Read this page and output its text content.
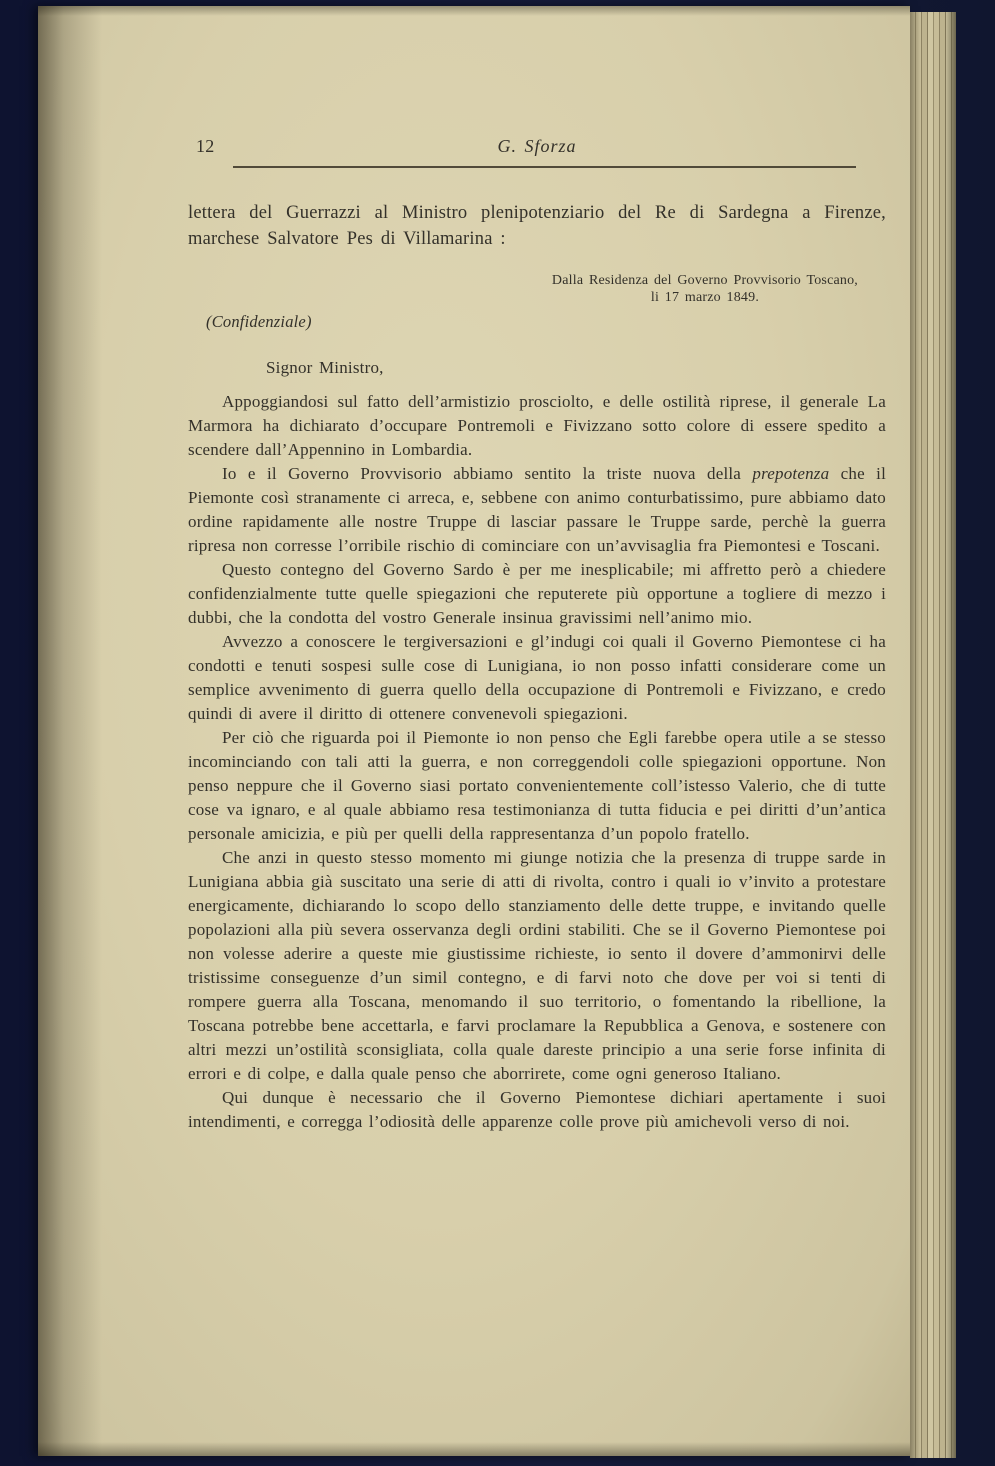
12	G. Sforza
lettera del Guerrazzi al Ministro plenipotenziario del Re di Sardegna a Firenze, marchese Salvatore Pes di Villamarina :
Dalla Residenza del Governo Provvisorio Toscano,
li 17 marzo 1849.
(Confidenziale)
Signor Ministro,

Appoggiandosi sul fatto dell’armistizio prosciolto, e delle ostilità riprese, il generale La Marmora ha dichiarato d’occupare Pontremoli e Fivizzano sotto colore di essere spedito a scendere dall’Appennino in Lombardia.

Io e il Governo Provvisorio abbiamo sentito la triste nuova della prepotenza che il Piemonte così stranamente ci arreca, e, sebbene con animo conturbatissimo, pure abbiamo dato ordine rapidamente alle nostre Truppe di lasciar passare le Truppe sarde, perchè la guerra ripresa non corresse l’orribile rischio di cominciare con un’avvisaglia fra Piemontesi e Toscani.

Questo contegno del Governo Sardo è per me inesplicabile; mi affretto però a chiedere confidenzialmente tutte quelle spiegazioni che reputerete più opportune a togliere di mezzo i dubbi, che la condotta del vostro Generale insinua gravissimi nell’animo mio.

Avvezzo a conoscere le tergiversazioni e gl’indugi coi quali il Governo Piemontese ci ha condotti e tenuti sospesi sulle cose di Lunigiana, io non posso infatti considerare come un semplice avvenimento di guerra quello della occupazione di Pontremoli e Fivizzano, e credo quindi di avere il diritto di ottenere convenevoli spiegazioni.

Per ciò che riguarda poi il Piemonte io non penso che Egli farebbe opera utile a se stesso incominciando con tali atti la guerra, e non correggendoli colle spiegazioni opportune. Non penso neppure che il Governo siasi portato convenientemente coll’istesso Valerio, che di tutte cose va ignaro, e al quale abbiamo resa testimonianza di tutta fiducia e pei diritti d’un’antica personale amicizia, e più per quelli della rappresentanza d’un popolo fratello.

Che anzi in questo stesso momento mi giunge notizia che la presenza di truppe sarde in Lunigiana abbia già suscitato una serie di atti di rivolta, contro i quali io v’invito a protestare energicamente, dichiarando lo scopo dello stanziamento delle dette truppe, e invitando quelle popolazioni alla più severa osservanza degli ordini stabiliti. Che se il Governo Piemontese poi non volesse aderire a queste mie giustissime richieste, io sento il dovere d’ammonirvi delle tristissime conseguenze d’un simil contegno, e di farvi noto che dove per voi si tenti di rompere guerra alla Toscana, menomando il suo territorio, o fomentando la ribellione, la Toscana potrebbe bene accettarla, e farvi proclamare la Repubblica a Genova, e sostenere con altri mezzi un’ostilità sconsigliata, colla quale dareste principio a una serie forse infinita di errori e di colpe, e dalla quale penso che aborrirete, come ogni generoso Italiano.

Qui dunque è necessario che il Governo Piemontese dichiari apertamente i suoi intendimenti, e corregga l’odiosità delle apparenze colle prove più amichevoli verso di noi.
